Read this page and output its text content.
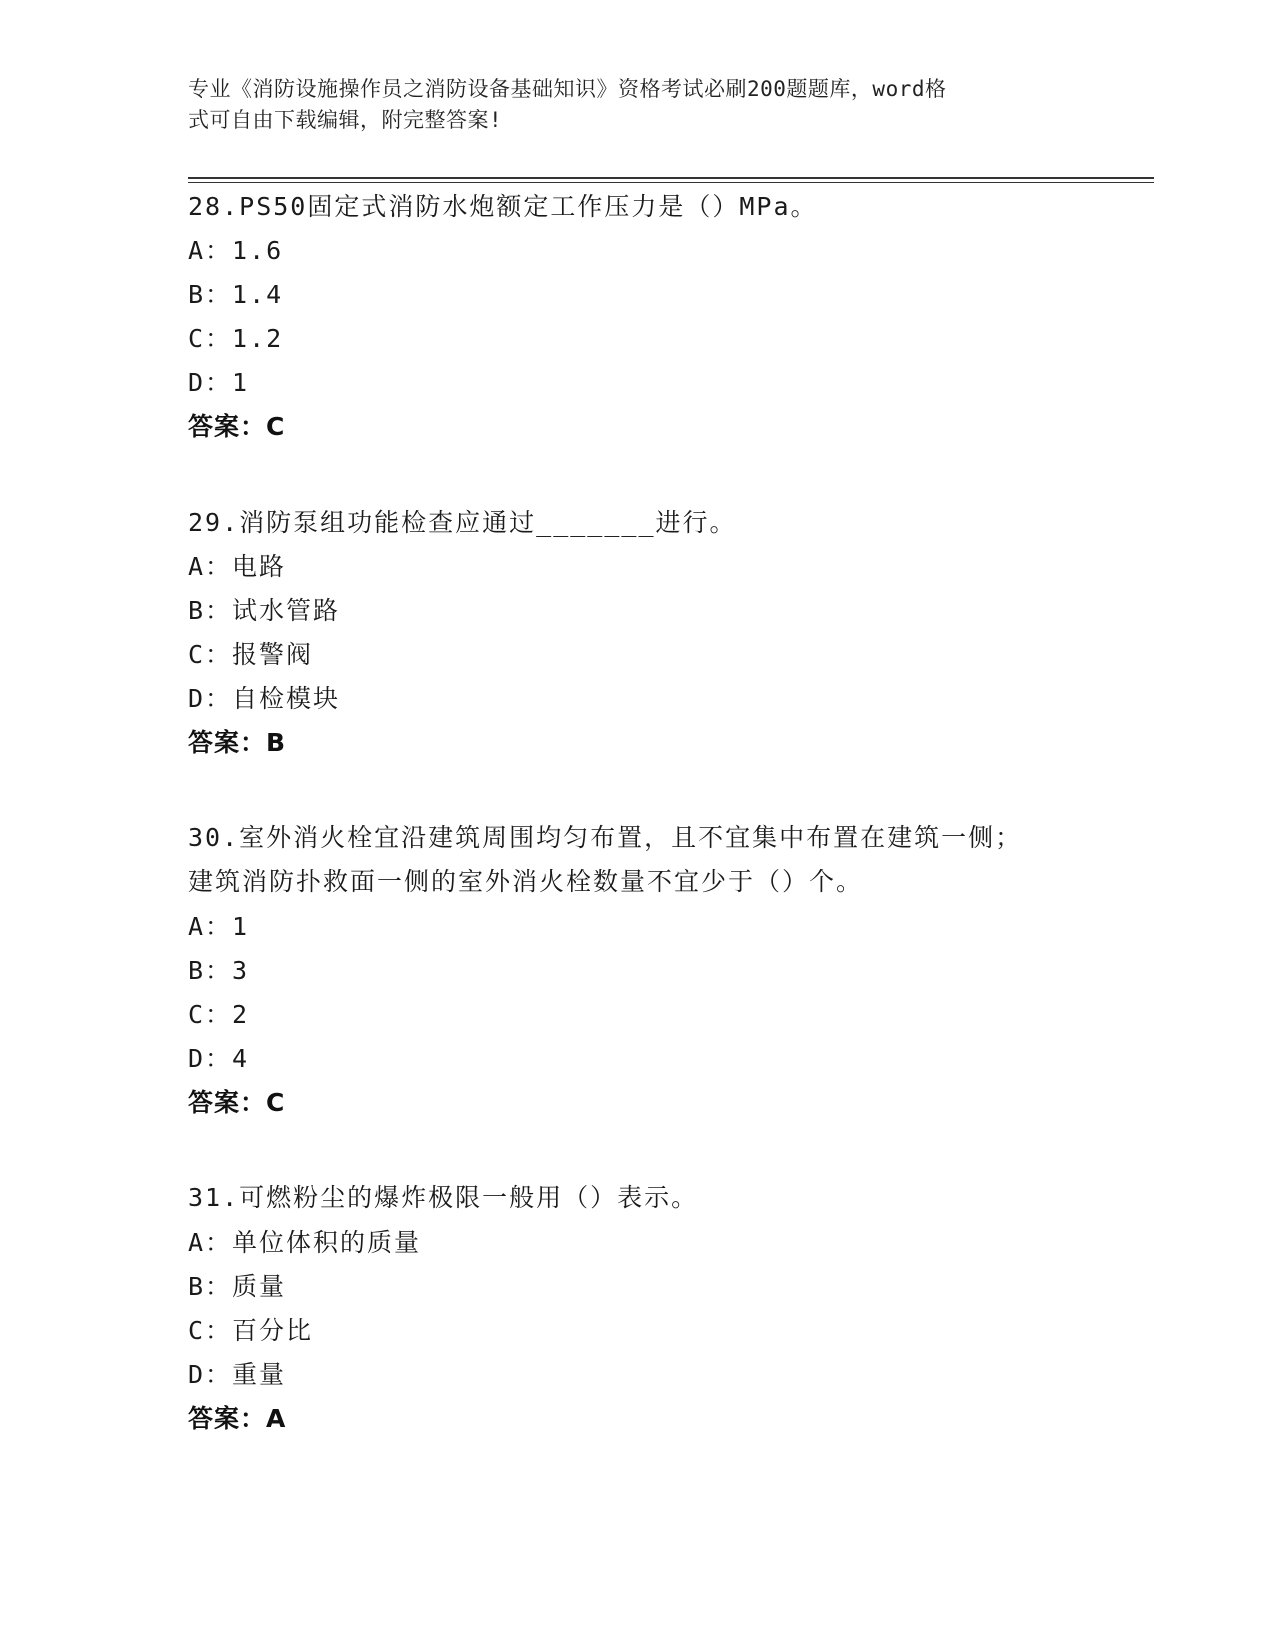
专业《消防设施操作员之消防设备基础知识》资格考试必刷200题题库，word格
式可自由下载编辑，附完整答案!
28.PS50固定式消防水炮额定工作压力是（）MPa。
A：1.6
B：1.4
C：1.2
D：1
答案：C
29.消防泵组功能检查应通过_______进行。
A：电路
B：试水管路
C：报警阀
D：自检模块
答案：B
30.室外消火栓宜沿建筑周围均匀布置，且不宜集中布置在建筑一侧；
建筑消防扑救面一侧的室外消火栓数量不宜少于（）个。
A：1
B：3
C：2
D：4
答案：C
31.可燃粉尘的爆炸极限一般用（）表示。
A：单位体积的质量
B：质量
C：百分比
D：重量
答案：A
